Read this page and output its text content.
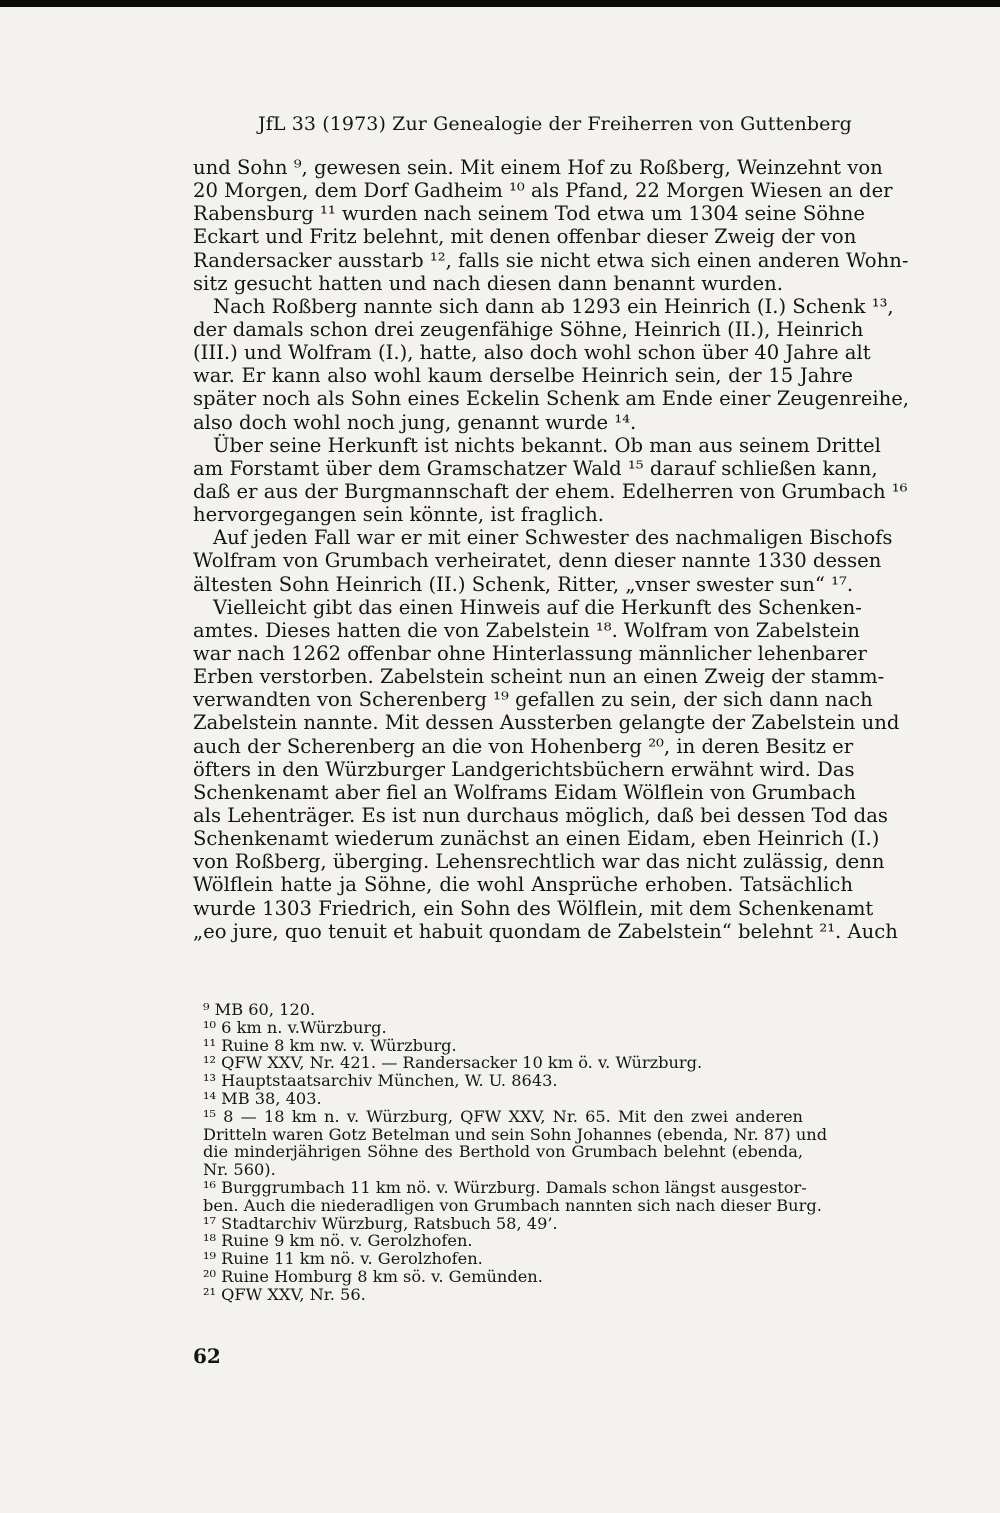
JfL 33 (1973) Zur Genealogie der Freiherren von Guttenberg
und Sohn ⁹, gewesen sein. Mit einem Hof zu Roßberg, Weinzehnt von
20 Morgen, dem Dorf Gadheim ¹⁰ als Pfand, 22 Morgen Wiesen an der
Rabensburg ¹¹ wurden nach seinem Tod etwa um 1304 seine Söhne
Eckart und Fritz belehnt, mit denen offenbar dieser Zweig der von
Randersacker ausstarb ¹², falls sie nicht etwa sich einen anderen Wohn-
sitz gesucht hatten und nach diesen dann benannt wurden.
Nach Roßberg nannte sich dann ab 1293 ein Heinrich (I.) Schenk ¹³,
der damals schon drei zeugenfähige Söhne, Heinrich (II.), Heinrich
(III.) und Wolfram (I.), hatte, also doch wohl schon über 40 Jahre alt
war. Er kann also wohl kaum derselbe Heinrich sein, der 15 Jahre
später noch als Sohn eines Eckelin Schenk am Ende einer Zeugenreihe,
also doch wohl noch jung, genannt wurde ¹⁴.
Über seine Herkunft ist nichts bekannt. Ob man aus seinem Drittel
am Forstamt über dem Gramschatzer Wald ¹⁵ darauf schließen kann,
daß er aus der Burgmannschaft der ehem. Edelherren von Grumbach ¹⁶
hervorgegangen sein könnte, ist fraglich.
Auf jeden Fall war er mit einer Schwester des nachmaligen Bischofs
Wolfram von Grumbach verheiratet, denn dieser nannte 1330 dessen
ältesten Sohn Heinrich (II.) Schenk, Ritter, „vnser swester sun“ ¹⁷.
Vielleicht gibt das einen Hinweis auf die Herkunft des Schenken-
amtes. Dieses hatten die von Zabelstein ¹⁸. Wolfram von Zabelstein
war nach 1262 offenbar ohne Hinterlassung männlicher lehenbarer
Erben verstorben. Zabelstein scheint nun an einen Zweig der stamm-
verwandten von Scherenberg ¹⁹ gefallen zu sein, der sich dann nach
Zabelstein nannte. Mit dessen Aussterben gelangte der Zabelstein und
auch der Scherenberg an die von Hohenberg ²⁰, in deren Besitz er
öfters in den Würzburger Landgerichtsbüchern erwähnt wird. Das
Schenkenamt aber fiel an Wolframs Eidam Wölflein von Grumbach
als Lehenträger. Es ist nun durchaus möglich, daß bei dessen Tod das
Schenkenamt wiederum zunächst an einen Eidam, eben Heinrich (I.)
von Roßberg, überging. Lehensrechtlich war das nicht zulässig, denn
Wölflein hatte ja Söhne, die wohl Ansprüche erhoben. Tatsächlich
wurde 1303 Friedrich, ein Sohn des Wölflein, mit dem Schenkenamt
„eo jure, quo tenuit et habuit quondam de Zabelstein“ belehnt ²¹. Auch
⁹ MB 60, 120.
¹⁰ 6 km n. v.Würzburg.
¹¹ Ruine 8 km nw. v. Würzburg.
¹² QFW XXV, Nr. 421. — Randersacker 10 km ö. v. Würzburg.
¹³ Hauptstaatsarchiv München, W. U. 8643.
¹⁴ MB 38, 403.
¹⁵ 8 — 18 km n. v. Würzburg, QFW XXV, Nr. 65. Mit den zwei anderen
Dritteln waren Gotz Betelman und sein Sohn Johannes (ebenda, Nr. 87) und
die minderjährigen Söhne des Berthold von Grumbach belehnt (ebenda,
Nr. 560).
¹⁶ Burggrumbach 11 km nö. v. Würzburg. Damals schon längst ausgestor-
ben. Auch die niederadligen von Grumbach nannten sich nach dieser Burg.
¹⁷ Stadtarchiv Würzburg, Ratsbuch 58, 49’.
¹⁸ Ruine 9 km nö. v. Gerolzhofen.
¹⁹ Ruine 11 km nö. v. Gerolzhofen.
²⁰ Ruine Homburg 8 km sö. v. Gemünden.
²¹ QFW XXV, Nr. 56.
62
